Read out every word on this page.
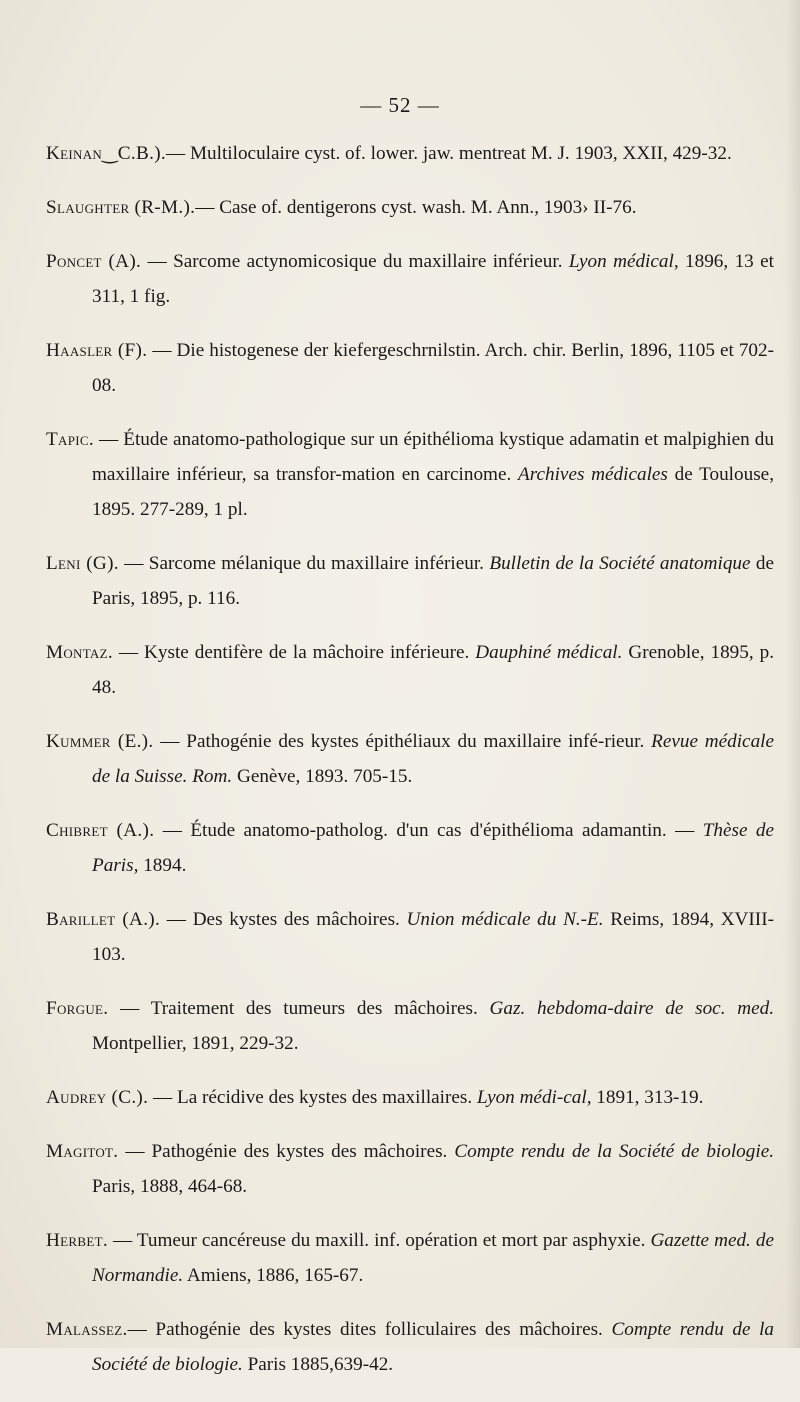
— 52 —

Keinan‿C.B.).— Multiloculaire cyst. of. lower. jaw. mentreat M. J. 1903, XXII, 429-32.

Slaughter (R-M.).— Case of. dentigerons cyst. wash. M. Ann., 1903› II-76.

Poncet (A). — Sarcome actynomicosique du maxillaire inférieur. Lyon médical, 1896, 13 et 311, 1 fig.

Haasler (F). — Die histogenese der kiefergeschrnilstin. Arch. chir. Berlin, 1896, 1105 et 702-08.

Tapic. — Étude anatomo-pathologique sur un épithélioma kystique adamatin et malpighien du maxillaire inférieur, sa transfor-mation en carcinome. Archives médicales de Toulouse, 1895. 277-289, 1 pl.

Leni (G). — Sarcome mélanique du maxillaire inférieur. Bulletin de la Société anatomique de Paris, 1895, p. 116.

Montaz. — Kyste dentifère de la mâchoire inférieure. Dauphiné médical. Grenoble, 1895, p. 48.

Kummer (E.). — Pathogénie des kystes épithéliaux du maxillaire infé-rieur. Revue médicale de la Suisse. Rom. Genève, 1893. 705-15.

Chibret (A.). — Étude anatomo-patholog. d'un cas d'épithélioma adamantin. — Thèse de Paris, 1894.

Barillet (A.). — Des kystes des mâchoires. Union médicale du N.-E. Reims, 1894, XVIII-103.

Forgue. — Traitement des tumeurs des mâchoires. Gaz. hebdoma-daire de soc. med. Montpellier, 1891, 229-32.

Audrey (C.). — La récidive des kystes des maxillaires. Lyon médi-cal, 1891, 313-19.

Magitot. — Pathogénie des kystes des mâchoires. Compte rendu de la Société de biologie. Paris, 1888, 464-68.

Herbet. — Tumeur cancéreuse du maxill. inf. opération et mort par asphyxie. Gazette med. de Normandie. Amiens, 1886, 165-67.

Malassez.— Pathogénie des kystes dites folliculaires des mâchoires. Compte rendu de la Société de biologie. Paris 1885,639-42.
